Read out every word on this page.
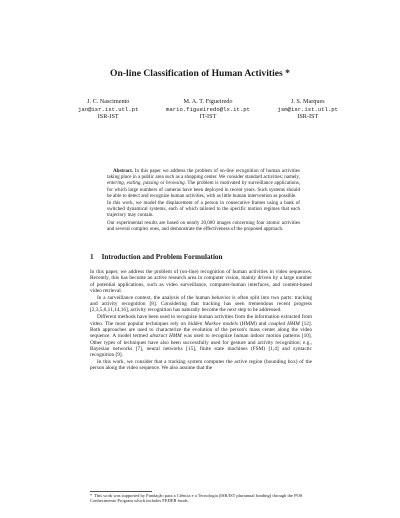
On-line Classification of Human Activities *
J. C. Nascimento
jan@isr.ist.utl.pt
ISR-IST
M. A. T. Figueiredo
mario.figueiredo@lx.it.pt
IT-IST
J. S. Marques
jsm@isr.ist.utl.pt
ISR-IST

Abstract. In this paper we address the problem of on-line recognition of human activities taking place in a public area such as a shopping center. We consider standard activities; namely, entering, exiting, passing or browsing. The problem is motivated by surveillance applications, for which large numbers of cameras have been deployed in recent years. Such systems should be able to detect and recognize human activities, with as little human intervention as possible.

In this work, we model the displacement of a person in consecutive frames using a bank of switched dynamical systems, each of which tailored to the specific motion regimes that each trajectory may contain.

Our experimental results are based on nearly 20,000 images concerning four atomic activities and several complex ones, and demonstrate the effectiveness of the proposed approach.

1 Introduction and Problem Formulation

In this paper, we address the problem of (on-line) recognition of human activities in video sequences. Recently, this has become an active research area in computer vision, mainly driven by a large number of potential applications, such as video surveillance, computer-human interfaces, and content-based video retrieval.

In a surveillance context, the analysis of the human behavior is often split into two parts: tracking and activity recognition [8]. Considering that tracking has seen tremendous recent progress [2,3,5,6,11,14,16], activity recognition has naturally become the next step to be addressed.

Different methods have been used to recognize human activities from the information extracted from video. The most popular techniques rely on hidden Markov models (HMM) and coupled HMM [12]. Both approaches are used to characterize the evolution of the person's mass center along the video sequence. A model termed abstract HMM was used to recognize human indoor motion patterns [10]. Other types of techniques have also been successfully used for gesture and activity recognition; e.g., Bayesian networks [7], neural networks [15], finite state machines (FSM) [1,4] and syntactic recognition [9].

In this work, we consider that a tracking system computes the active region (bounding box) of the person along the video sequence. We also assume that the

* This work was supported by Fundação para a Ciência e a Tecnologia (ISR/IST plurianual funding) through the POS Conhecimento Program which includes FEDER funds.
